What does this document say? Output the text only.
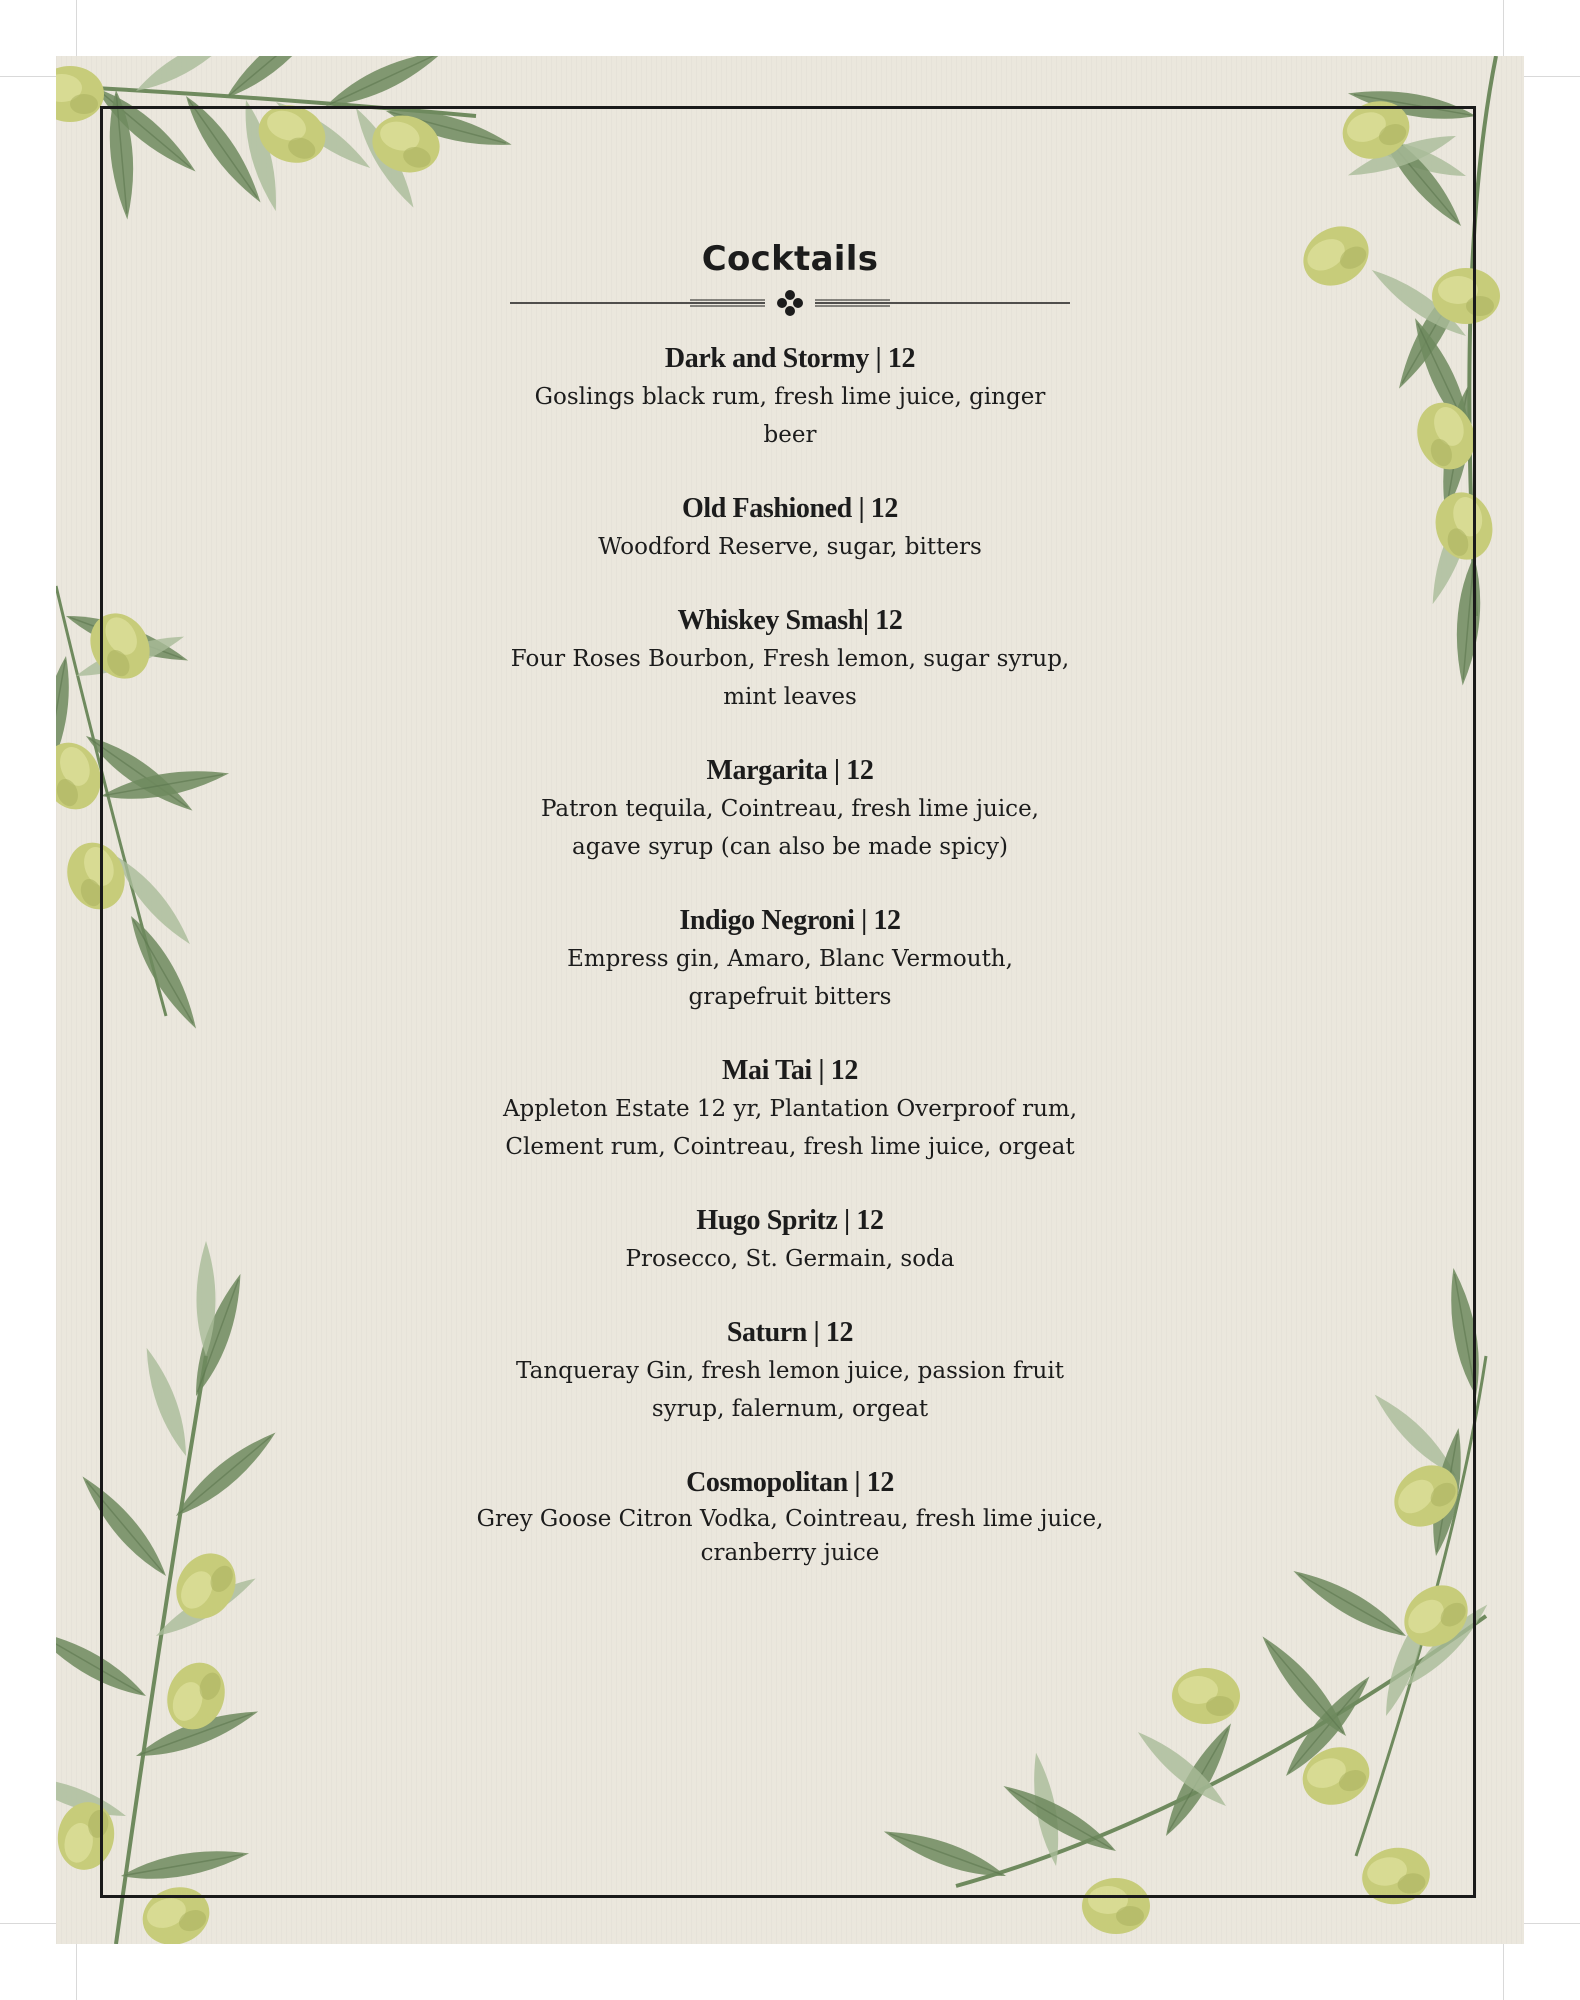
Cocktails
Dark and Stormy | 12
Goslings black rum, fresh lime juice, ginger beer
Old Fashioned | 12
Woodford Reserve, sugar, bitters
Whiskey Smash| 12
Four Roses Bourbon, Fresh lemon, sugar syrup, mint leaves
Margarita | 12
Patron tequila, Cointreau, fresh lime juice, agave syrup (can also be made spicy)
Indigo Negroni | 12
Empress gin, Amaro, Blanc Vermouth, grapefruit bitters
Mai Tai | 12
Appleton Estate 12 yr, Plantation Overproof rum, Clement rum, Cointreau, fresh lime juice, orgeat
Hugo Spritz | 12
Prosecco, St. Germain, soda
Saturn | 12
Tanqueray Gin, fresh lemon juice, passion fruit syrup, falernum, orgeat
Cosmopolitan | 12
Grey Goose Citron Vodka, Cointreau, fresh lime juice, cranberry juice
